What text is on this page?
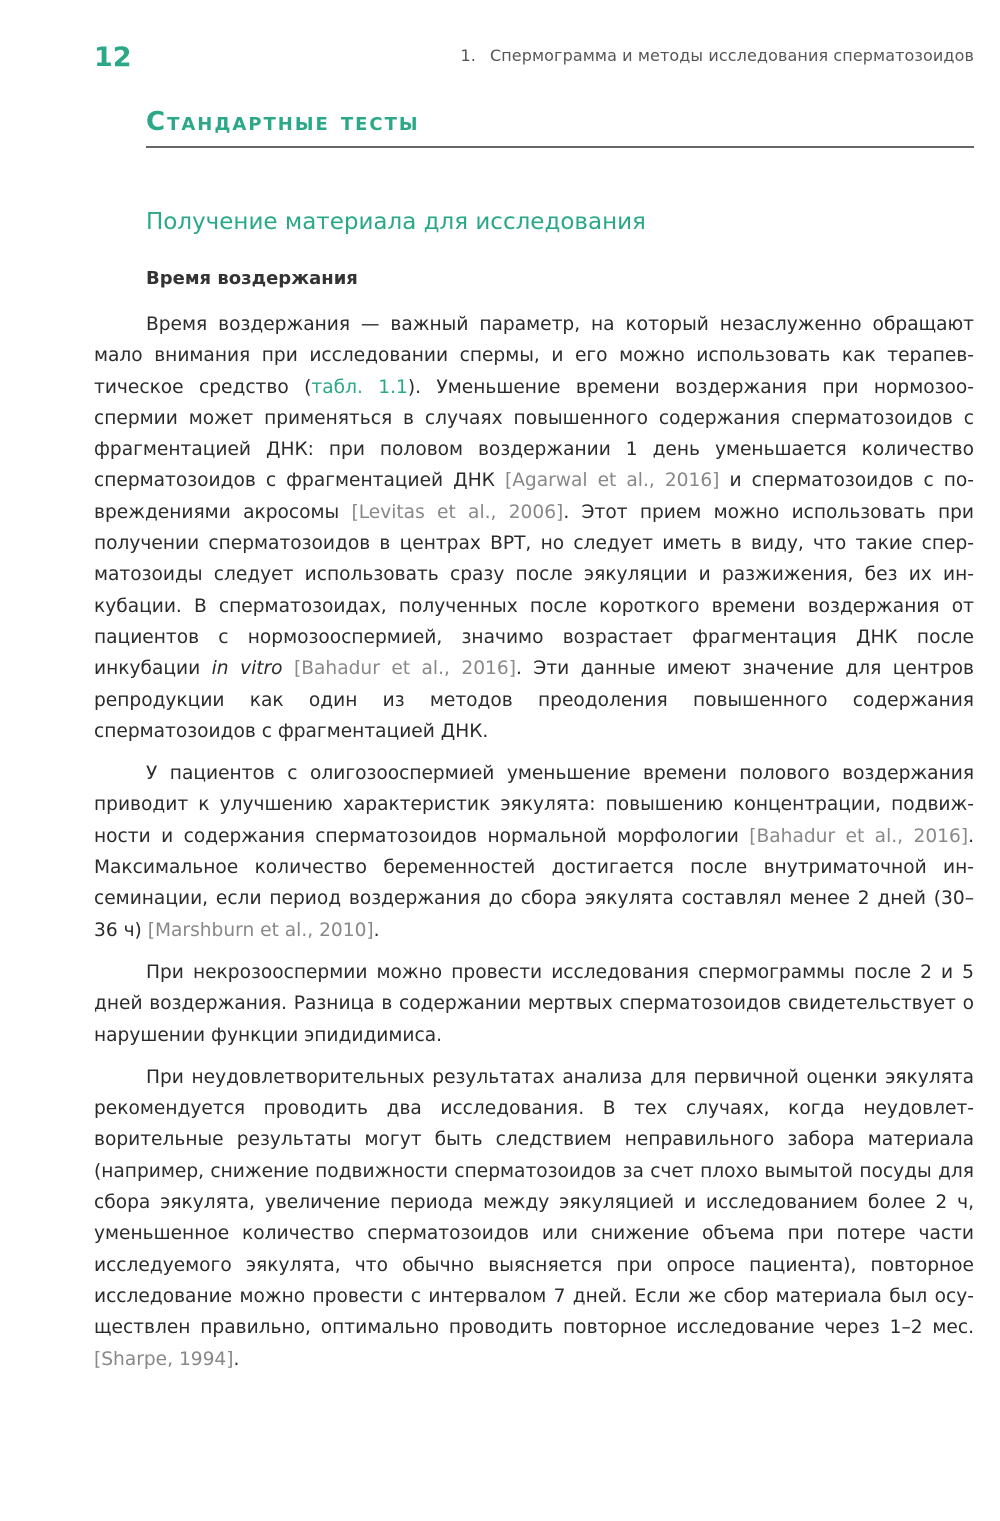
12	1. Спермограмма и методы исследования сперматозоидов
Стандартные тесты
Получение материала для исследования
Время воздержания

Время воздержания — важный параметр, на который незаслуженно обращают мало внимания при исследовании спермы, и его можно использовать как терапевтическое средство (табл. 1.1). Уменьшение времени воздержания при нормозооспермии может применяться в случаях повышенного содержания сперматозоидов с фрагментацией ДНК: при половом воздержании 1 день уменьшается количество сперматозоидов с фрагментацией ДНК [Agarwal et al., 2016] и сперматозоидов с повреждениями акросомы [Levitas et al., 2006]. Этот прием можно использовать при получении сперматозоидов в центрах ВРТ, но следует иметь в виду, что такие сперматозоиды следует использовать сразу после эякуляции и разжижения, без их инкубации. В сперматозоидах, полученных после короткого времени воздержания от пациентов с нормозооспермией, значимо возрастает фрагментация ДНК после инкубации in vitro [Bahadur et al., 2016]. Эти данные имеют значение для центров репродукции как один из методов преодоления повышенного содержания сперматозоидов с фрагментацией ДНК.

У пациентов с олигозооспермией уменьшение времени полового воздержания приводит к улучшению характеристик эякулята: повышению концентрации, подвижности и содержания сперматозоидов нормальной морфологии [Bahadur et al., 2016]. Максимальное количество беременностей достигается после внутриматочной инсеминации, если период воздержания до сбора эякулята составлял менее 2 дней (30–36 ч) [Marshburn et al., 2010].

При некрозооспермии можно провести исследования спермограммы после 2 и 5 дней воздержания. Разница в содержании мертвых сперматозоидов свидетельствует о нарушении функции эпидидимиса.

При неудовлетворительных результатах анализа для первичной оценки эякулята рекомендуется проводить два исследования. В тех случаях, когда неудовлетворительные результаты могут быть следствием неправильного забора материала (например, снижение подвижности сперматозоидов за счет плохо вымытой посуды для сбора эякулята, увеличение периода между эякуляцией и исследованием более 2 ч, уменьшенное количество сперматозоидов или снижение объема при потере части исследуемого эякулята, что обычно выясняется при опросе пациента), повторное исследование можно провести с интервалом 7 дней. Если же сбор материала был осуществлен правильно, оптимально проводить повторное исследование через 1–2 мес. [Sharpe, 1994].
